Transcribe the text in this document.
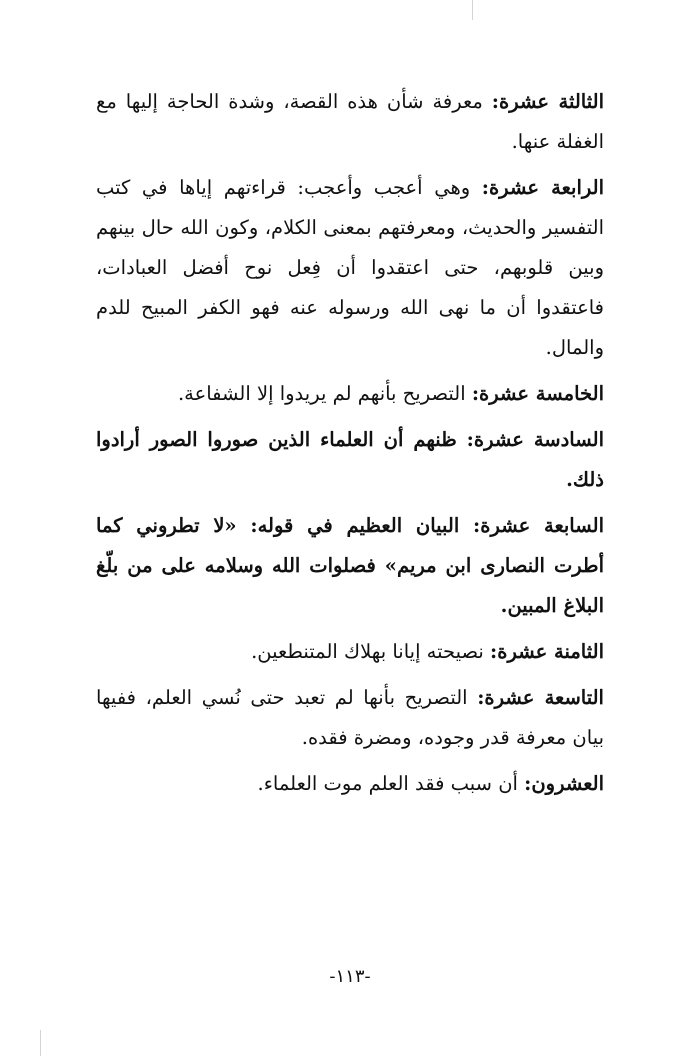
الثالثة عشرة: معرفة شأن هذه القصة، وشدة الحاجة إليها مع الغفلة عنها.

الرابعة عشرة: وهي أعجب وأعجب: قراءتهم إياها في كتب التفسير والحديث، ومعرفتهم بمعنى الكلام، وكون الله حال بينهم وبين قلوبهم، حتى اعتقدوا أن فِعل نوح أفضل العبادات، فاعتقدوا أن ما نهى الله ورسوله عنه فهو الكفر المبيح للدم والمال.

الخامسة عشرة: التصريح بأنهم لم يريدوا إلا الشفاعة.

السادسة عشرة: ظنهم أن العلماء الذين صوروا الصور أرادوا ذلك.

السابعة عشرة: البيان العظيم في قوله: «لا تطروني كما أطرت النصارى ابن مريم» فصلوات الله وسلامه على من بلّغ البلاغ المبين.

الثامنة عشرة: نصيحته إيانا بهلاك المتنطعين.

التاسعة عشرة: التصريح بأنها لم تعبد حتى نُسي العلم، ففيها بيان معرفة قدر وجوده، ومضرة فقده.

العشرون: أن سبب فقد العلم موت العلماء.

-١١٣-
